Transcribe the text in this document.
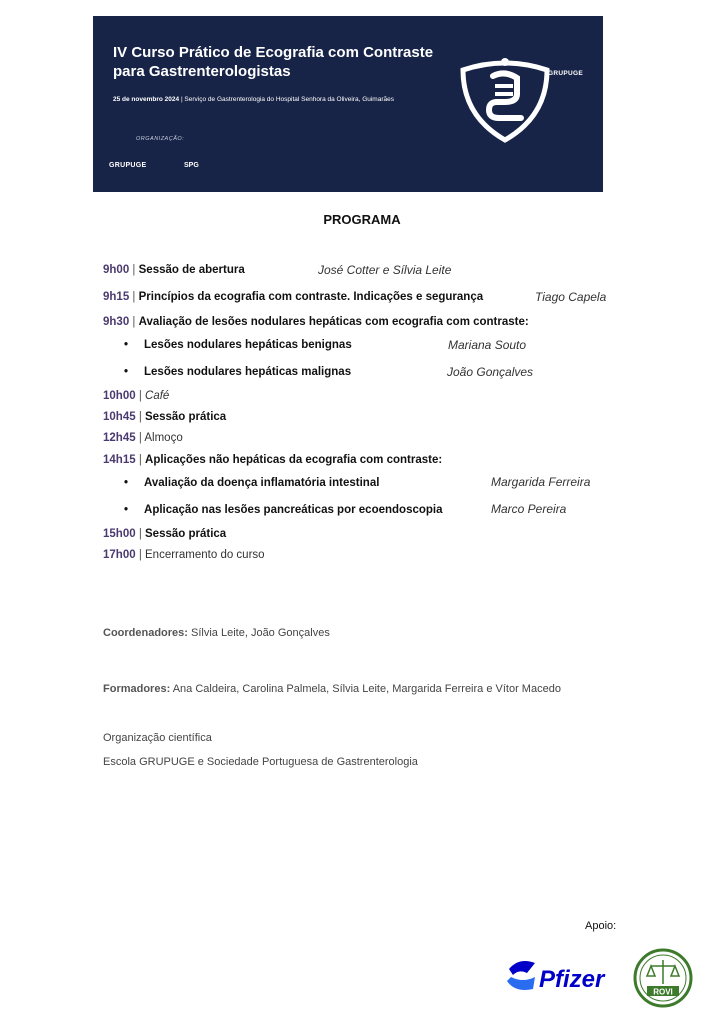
IV Curso Prático de Ecografia com Contraste
para Gastrenterologistas
25 de novembro 2024 | Serviço de Gastrenterologia do Hospital Senhora da Oliveira, Guimarães
ORGANIZAÇÃO:
GRUPUGE	SPG
GRUPUGE
PROGRAMA
9h00 | Sessão de abertura	José Cotter e Sílvia Leite
9h15 | Princípios da ecografia com contraste. Indicações e segurança	Tiago Capela
9h30 | Avaliação de lesões nodulares hepáticas com ecografia com contraste:
• Lesões nodulares hepáticas benignas	Mariana Souto
• Lesões nodulares hepáticas malignas	João Gonçalves
10h00 | Café
10h45 | Sessão prática
12h45 | Almoço
14h15 | Aplicações não hepáticas da ecografia com contraste:
• Avaliação da doença inflamatória intestinal	Margarida Ferreira
• Aplicação nas lesões pancreáticas por ecoendoscopia	Marco Pereira
15h00 | Sessão prática
17h00 | Encerramento do curso
Coordenadores: Sílvia Leite, João Gonçalves
Formadores: Ana Caldeira, Carolina Palmela, Sílvia Leite, Margarida Ferreira e Vítor Macedo
Organização científica
Escola GRUPUGE e Sociedade Portuguesa de Gastrenterologia
Apoio:
Pfizer	ROVI
